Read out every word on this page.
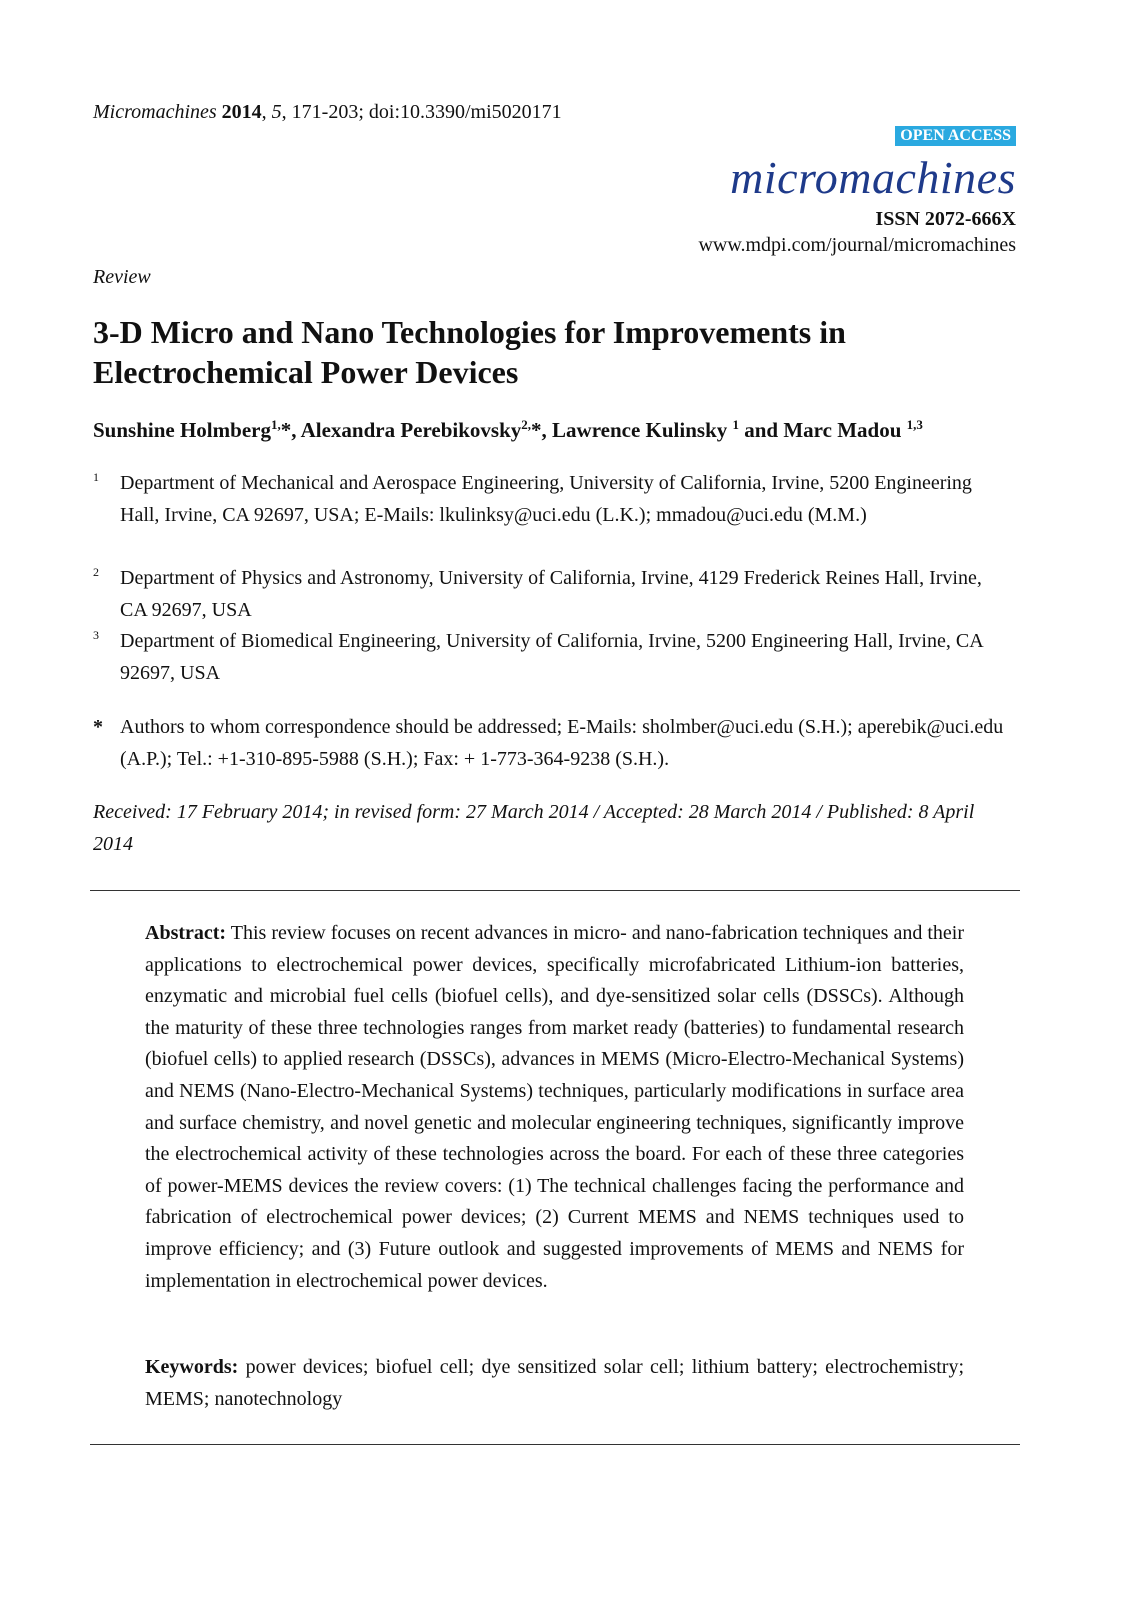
Micromachines 2014, 5, 171-203; doi:10.3390/mi5020171
OPEN ACCESS
micromachines
ISSN 2072-666X
www.mdpi.com/journal/micromachines
Review
3-D Micro and Nano Technologies for Improvements in Electrochemical Power Devices
Sunshine Holmberg$^{1,}$*, Alexandra Perebikovsky$^{2,}$*, Lawrence Kulinsky $^1$ and Marc Madou $^{1,3}$
1 Department of Mechanical and Aerospace Engineering, University of California, Irvine, 5200 Engineering Hall, Irvine, CA 92697, USA; E-Mails: lkulinksy@uci.edu (L.K.); mmadou@uci.edu (M.M.)
2 Department of Physics and Astronomy, University of California, Irvine, 4129 Frederick Reines Hall, Irvine, CA 92697, USA
3 Department of Biomedical Engineering, University of California, Irvine, 5200 Engineering Hall, Irvine, CA 92697, USA
* Authors to whom correspondence should be addressed; E-Mails: sholmber@uci.edu (S.H.); aperebik@uci.edu (A.P.); Tel.: +1-310-895-5988 (S.H.); Fax: + 1-773-364-9238 (S.H.).
Received: 17 February 2014; in revised form: 27 March 2014 / Accepted: 28 March 2014 / Published: 8 April 2014
Abstract: This review focuses on recent advances in micro- and nano-fabrication techniques and their applications to electrochemical power devices, specifically microfabricated Lithium-ion batteries, enzymatic and microbial fuel cells (biofuel cells), and dye-sensitized solar cells (DSSCs). Although the maturity of these three technologies ranges from market ready (batteries) to fundamental research (biofuel cells) to applied research (DSSCs), advances in MEMS (Micro-Electro-Mechanical Systems) and NEMS (Nano-Electro-Mechanical Systems) techniques, particularly modifications in surface area and surface chemistry, and novel genetic and molecular engineering techniques, significantly improve the electrochemical activity of these technologies across the board. For each of these three categories of power-MEMS devices the review covers: (1) The technical challenges facing the performance and fabrication of electrochemical power devices; (2) Current MEMS and NEMS techniques used to improve efficiency; and (3) Future outlook and suggested improvements of MEMS and NEMS for implementation in electrochemical power devices.
Keywords: power devices; biofuel cell; dye sensitized solar cell; lithium battery; electrochemistry; MEMS; nanotechnology
